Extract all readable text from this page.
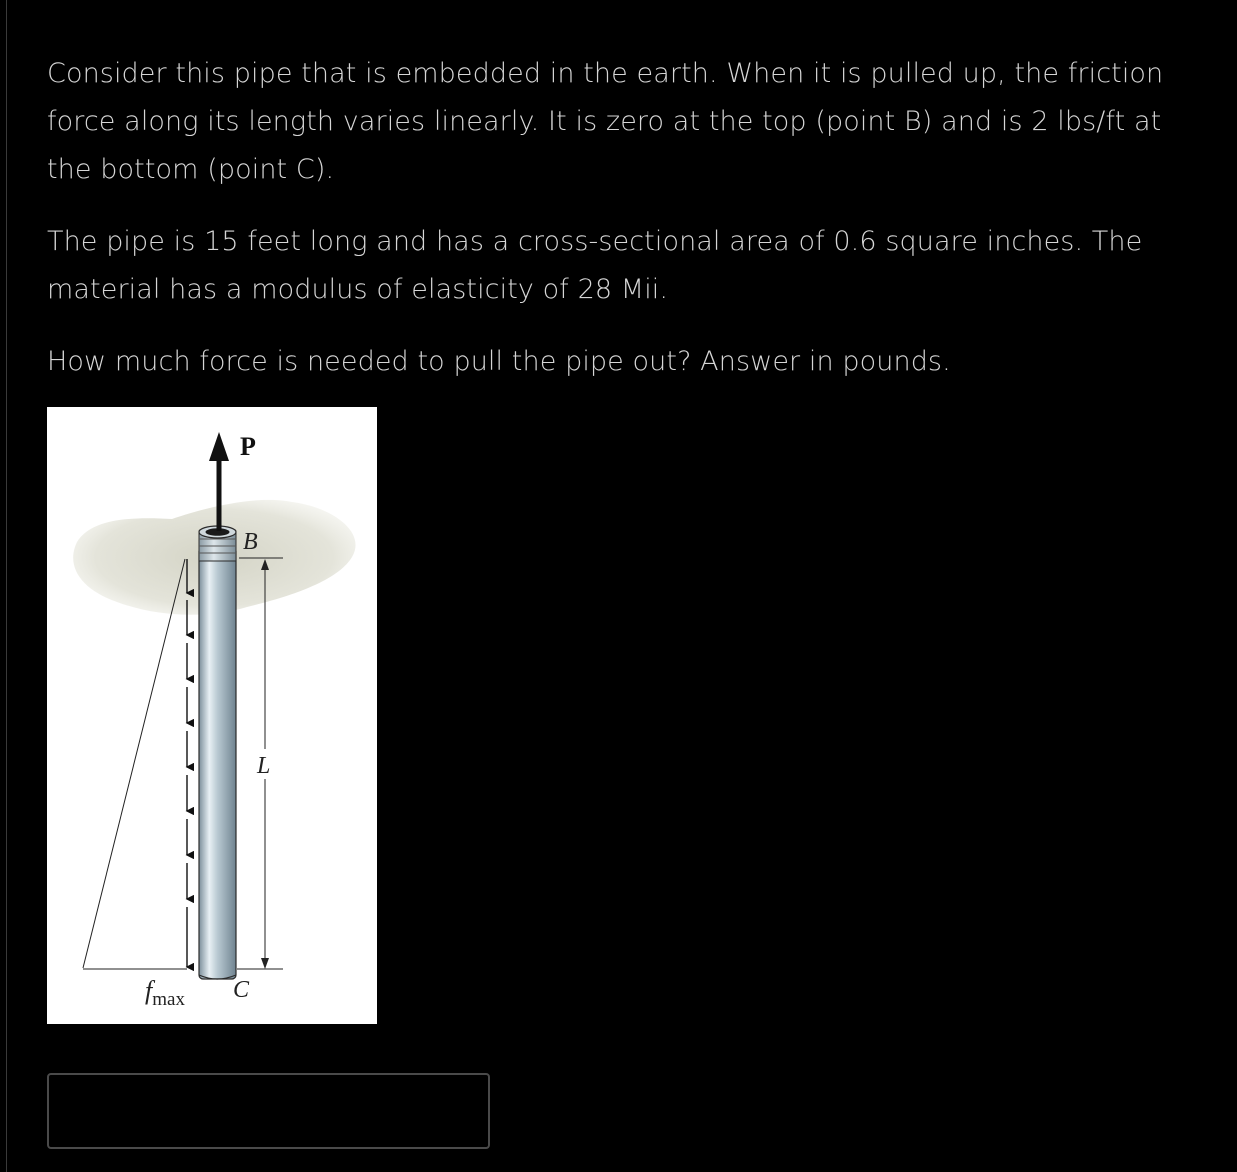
Consider this pipe that is embedded in the earth. When it is pulled up, the friction force along its length varies linearly. It is zero at the top (point B) and is 2 lbs/ft at the bottom (point C).

The pipe is 15 feet long and has a cross-sectional area of 0.6 square inches. The material has a modulus of elasticity of 28 Mii.

How much force is needed to pull the pipe out? Answer in pounds.

P
B
L
C
$f_{max}$
